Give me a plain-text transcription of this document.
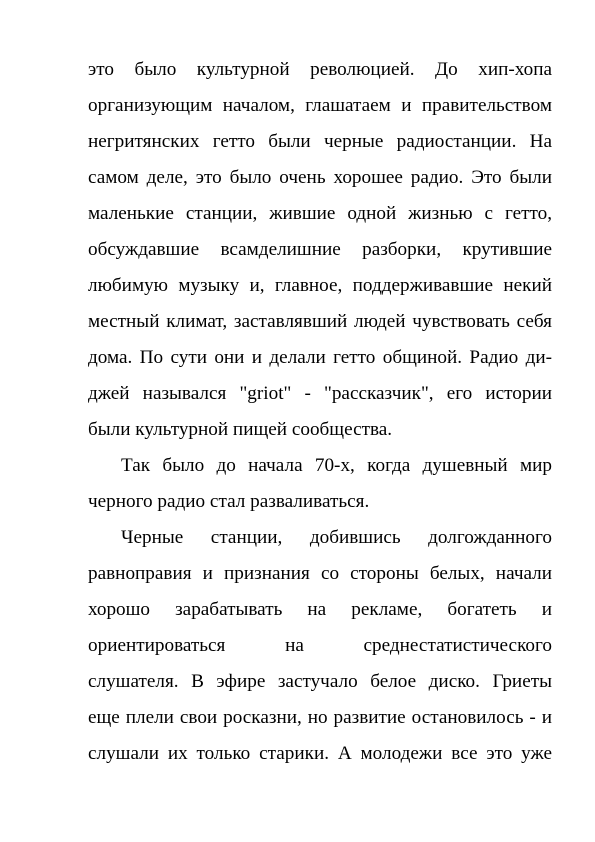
это было культурной революцией. До хип-хопа
организующим началом, глашатаем и правительством
негритянских гетто были черные радиостанции. На
самом деле, это было очень хорошее радио. Это были
маленькие станции, жившие одной жизнью с гетто,
обсуждавшие всамделишние разборки, крутившие
любимую музыку и, главное, поддерживавшие некий
местный климат, заставлявший людей чувствовать себя
дома. По сути они и делали гетто общиной. Радио ди-
джей назывался "griot" - "рассказчик", его истории
были культурной пищей сообщества.
Так было до начала 70-х, когда душевный мир
черного радио стал разваливаться.
Черные станции, добившись долгожданного
равноправия и признания со стороны белых, начали
хорошо зарабатывать на рекламе, богатеть и
ориентироваться на среднестатистического
слушателя. В эфире застучало белое диско. Гриеты
еще плели свои росказни, но развитие остановилось - и
слушали их только старики. А молодежи все это уже
